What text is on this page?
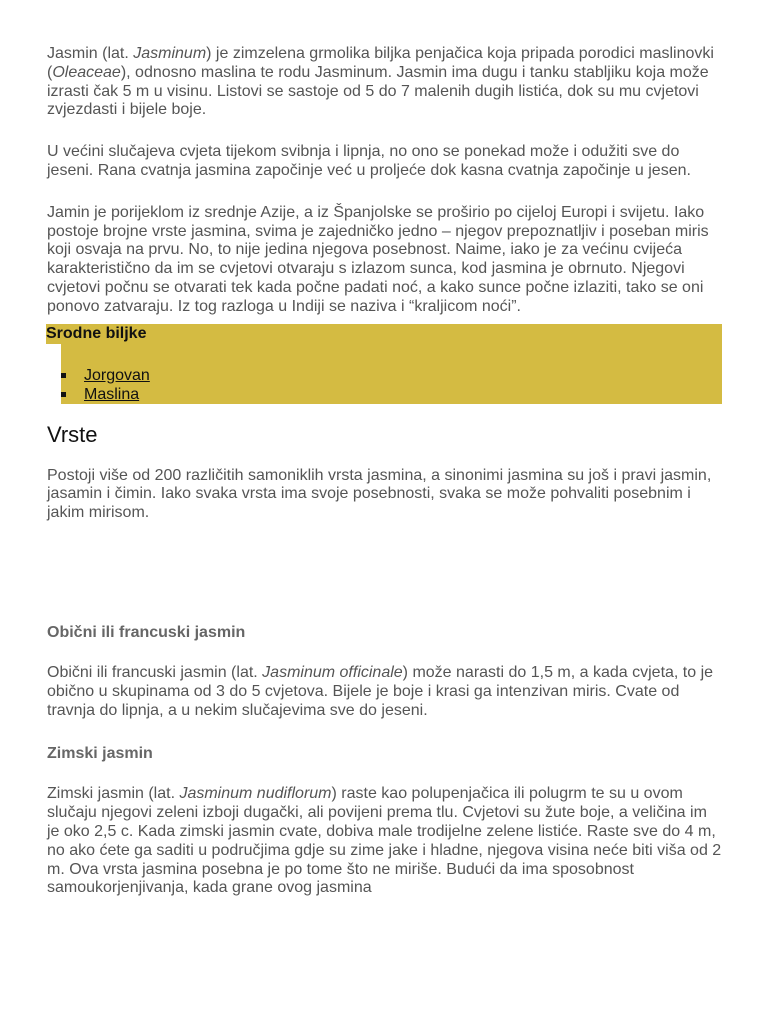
Jasmin (lat. Jasminum) je zimzelena grmolika biljka penjačica koja pripada porodici maslinovki (Oleaceae), odnosno maslina te rodu Jasminum. Jasmin ima dugu i tanku stabljiku koja može izrasti čak 5 m u visinu. Listovi se sastoje od 5 do 7 malenih dugih listića, dok su mu cvjetovi zvjezdasti i bijele boje.

U većini slučajeva cvjeta tijekom svibnja i lipnja, no ono se ponekad može i odužiti sve do jeseni. Rana cvatnja jasmina započinje već u proljeće dok kasna cvatnja započinje u jesen.

Jamin je porijeklom iz srednje Azije, a iz Španjolske se proširio po cijeloj Europi i svijetu. Iako postoje brojne vrste jasmina, svima je zajedničko jedno – njegov prepoznatljiv i poseban miris koji osvaja na prvu. No, to nije jedina njegova posebnost. Naime, iako je za većinu cvijeća karakteristično da im se cvjetovi otvaraju s izlazom sunca, kod jasmina je obrnuto. Njegovi cvjetovi počnu se otvarati tek kada počne padati noć, a kako sunce počne izlaziti, tako se oni ponovo zatvaraju. Iz tog razloga u Indiji se naziva i “kraljicom noći”.

Srodne biljke
Jorgovan
Maslina
Vrste

Postoji više od 200 različitih samoniklih vrsta jasmina, a sinonimi jasmina su još i pravi jasmin, jasamin i čimin. Iako svaka vrsta ima svoje posebnosti, svaka se može pohvaliti posebnim i jakim mirisom.

Obični ili francuski jasmin

Obični ili francuski jasmin (lat. Jasminum officinale) može narasti do 1,5 m, a kada cvjeta, to je obično u skupinama od 3 do 5 cvjetova. Bijele je boje i krasi ga intenzivan miris. Cvate od travnja do lipnja, a u nekim slučajevima sve do jeseni.

Zimski jasmin

Zimski jasmin (lat. Jasminum nudiflorum) raste kao polupenjačica ili polugrm te su u ovom slučaju njegovi zeleni izboji dugački, ali povijeni prema tlu. Cvjetovi su žute boje, a veličina im je oko 2,5 c. Kada zimski jasmin cvate, dobiva male trodijelne zelene listiće. Raste sve do 4 m, no ako ćete ga saditi u područjima gdje su zime jake i hladne, njegova visina neće biti viša od 2 m. Ova vrsta jasmina posebna je po tome što ne miriše. Budući da ima sposobnost samoukorjenjivanja, kada grane ovog jasmina
